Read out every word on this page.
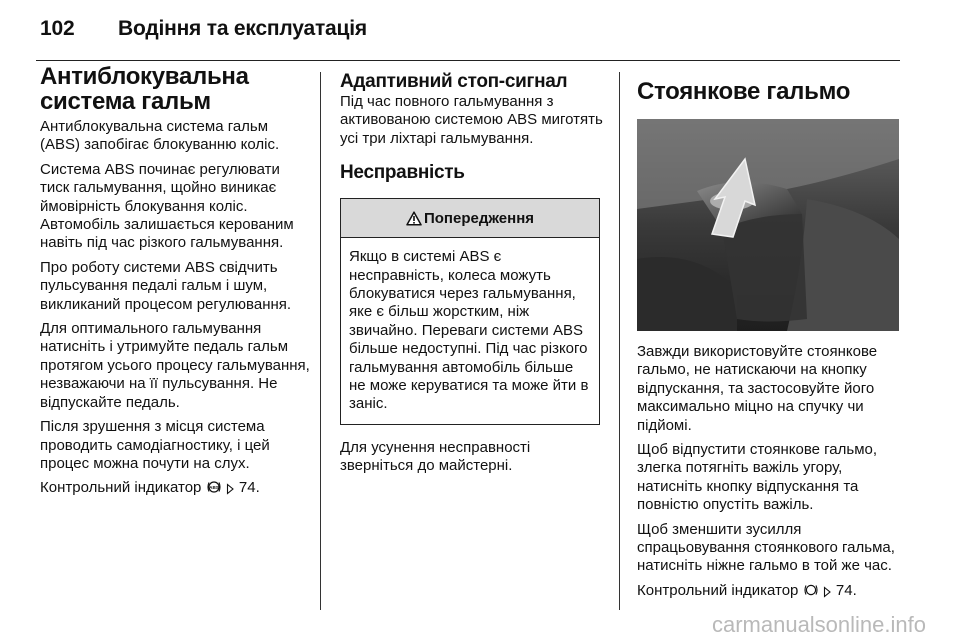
102	Водіння та експлуатація
Антиблокувальна система гальм

Антиблокувальна система гальм (ABS) запобігає блокуванню коліс.

Система ABS починає регулювати тиск гальмування, щойно виникає ймовірність блокування коліс. Автомобіль залишається керованим навіть під час різкого гальмування.

Про роботу системи ABS свідчить пульсування педалі гальм і шум, викликаний процесом регулювання.

Для оптимального гальмування натисніть і утримуйте педаль гальм протягом усього процесу гальмування, незважаючи на її пульсування. Не відпускайте педаль.

Після зрушення з місця система проводить самодіагностику, і цей процес можна почути на слух.

Контрольний індикатор ABS 74.

Адаптивний стоп-сигнал

Під час повного гальмування з активованою системою ABS миготять усі три ліхтарі гальмування.

Несправність
Попередження

Якщо в системі ABS є несправність, колеса можуть блокуватися через гальмування, яке є більш жорстким, ніж звичайно. Переваги системи ABS більше недоступні. Під час різкого гальмування автомобіль більше не може керуватися та може йти в заніс.

Для усунення несправності зверніться до майстерні.

Стоянкове гальмо

Завжди використовуйте стоянкове гальмо, не натискаючи на кнопку відпускання, та застосовуйте його максимально міцно на спучку чи підйомі.

Щоб відпустити стоянкове гальмо, злегка потягніть важіль угору, натисніть кнопку відпускання та повністю опустіть важіль.

Щоб зменшити зусилля спрацьовування стоянкового гальма, натисніть ніжне гальмо в той же час.

Контрольний індикатор	74.

carmanualsonline.info
